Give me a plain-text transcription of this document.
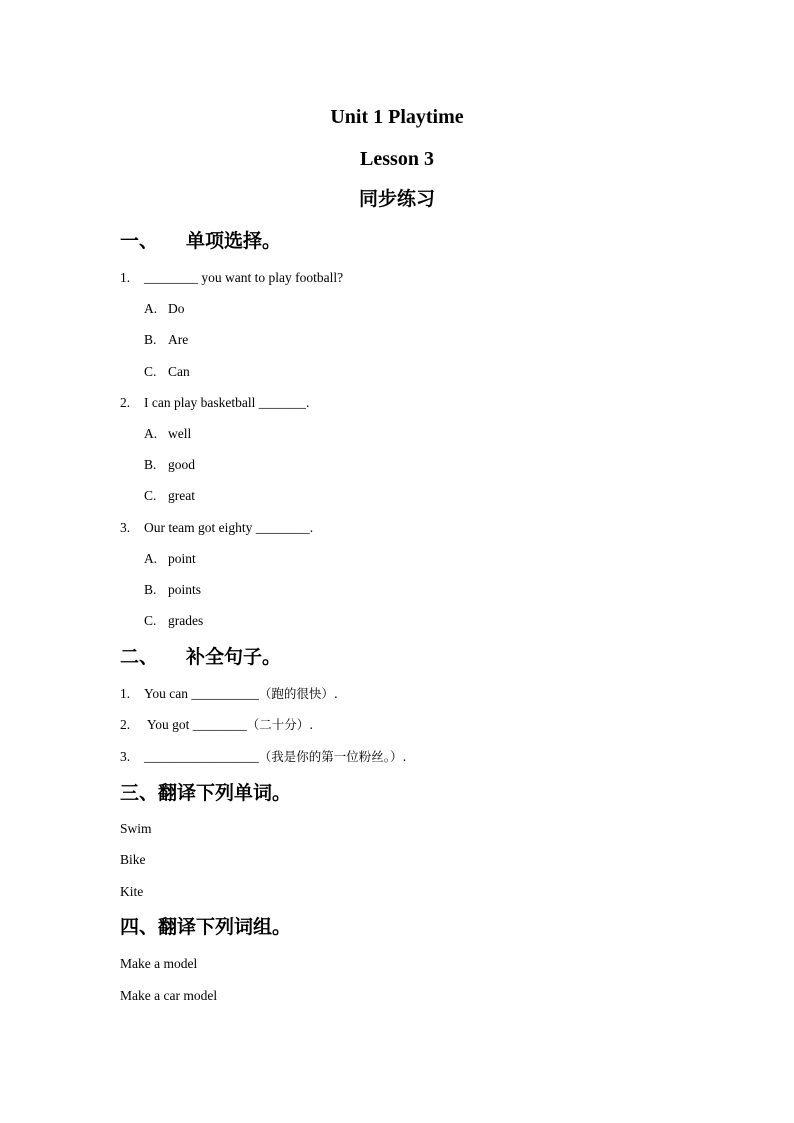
Unit 1 Playtime
Lesson 3
同步练习
一、 单项选择。
1. ________ you want to play football?
A. Do
B. Are
C. Can
2. I can play basketball _______.
A. well
B. good
C. great
3. Our team got eighty ________.
A. point
B. points
C. grades
二、 补全句子。
1. You can __________（跑的很快）.
2. You got ________（二十分）.
3. _________________（我是你的第一位粉丝。）.
三、翻译下列单词。
Swim
Bike
Kite
四、翻译下列词组。
Make a model
Make a car model
